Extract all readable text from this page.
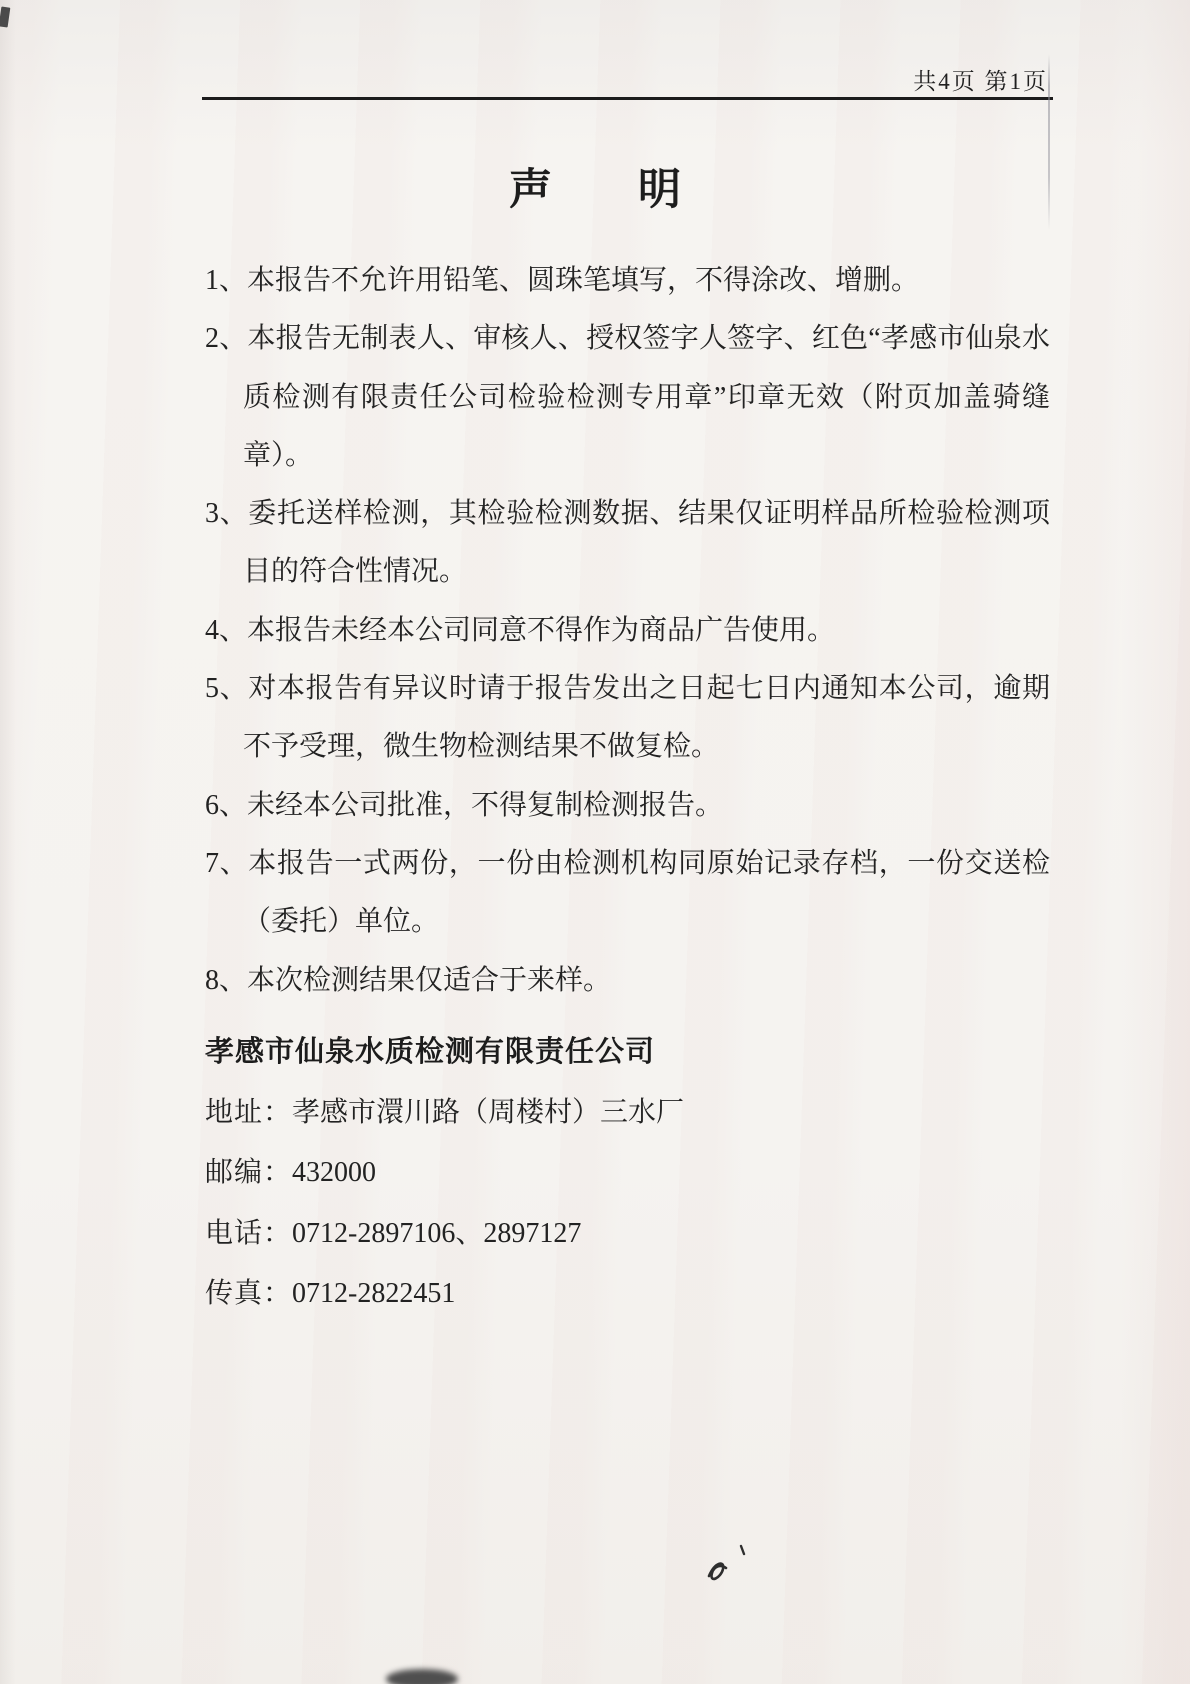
共4页 第1页
声　　明
1、本报告不允许用铅笔、圆珠笔填写，不得涂改、增删。
2、本报告无制表人、审核人、授权签字人签字、红色“孝感市仙泉水质检测有限责任公司检验检测专用章”印章无效（附页加盖骑缝章）。
3、委托送样检测，其检验检测数据、结果仅证明样品所检验检测项目的符合性情况。
4、本报告未经本公司同意不得作为商品广告使用。
5、对本报告有异议时请于报告发出之日起七日内通知本公司，逾期不予受理，微生物检测结果不做复检。
6、未经本公司批准，不得复制检测报告。
7、本报告一式两份，一份由检测机构同原始记录存档，一份交送检（委托）单位。
8、本次检测结果仅适合于来样。
孝感市仙泉水质检测有限责任公司
地址：孝感市澴川路（周楼村）三水厂
邮编：432000
电话：0712-2897106、2897127
传真：0712-2822451
